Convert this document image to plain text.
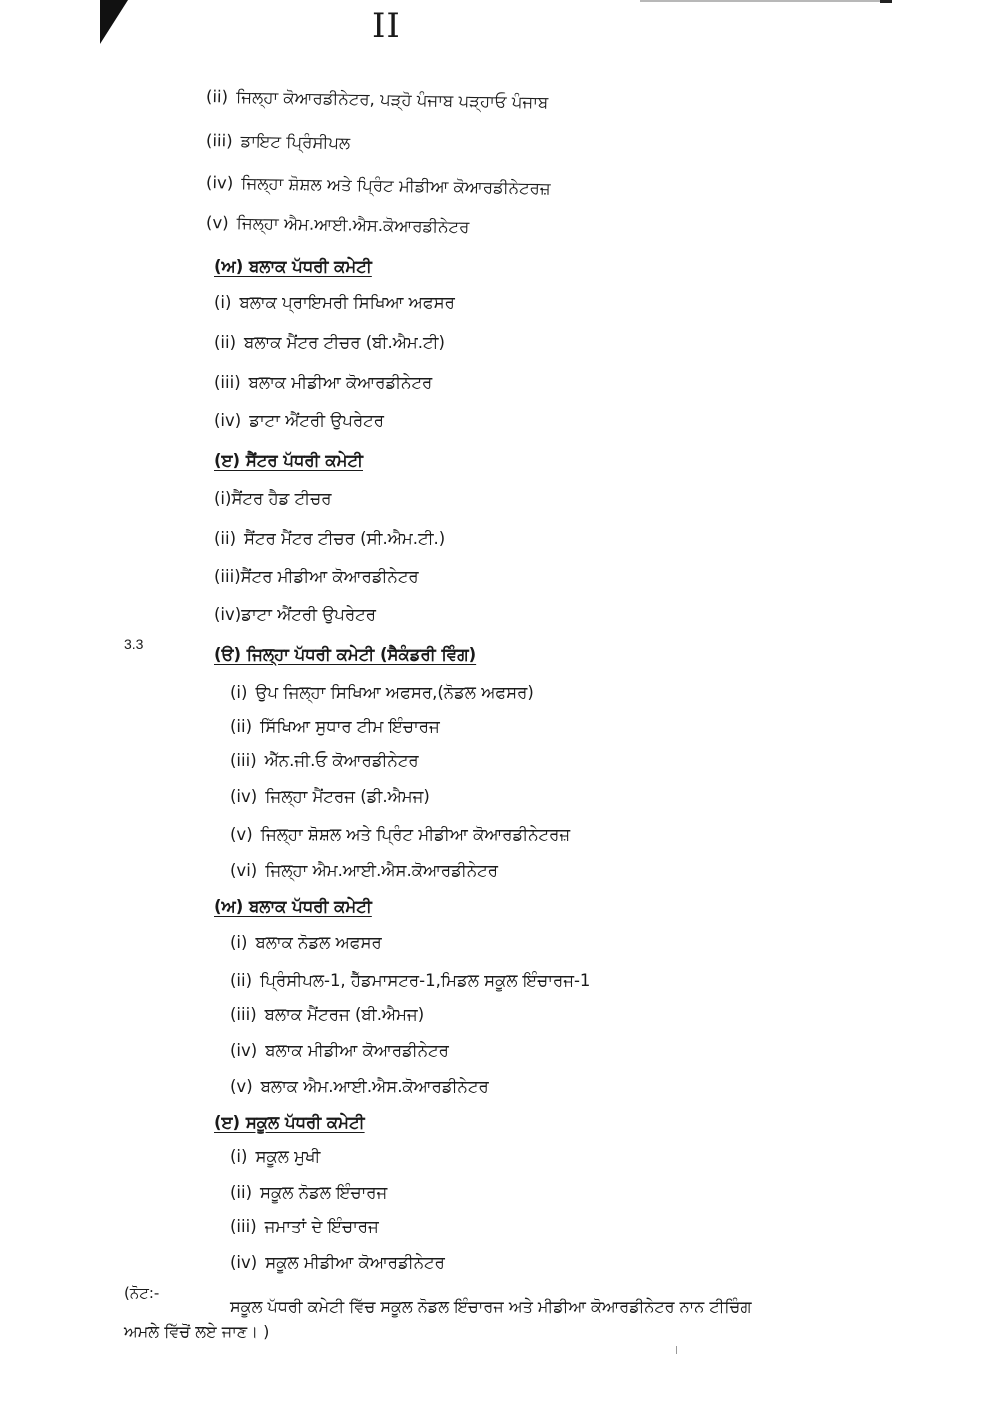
II
(ii) ਜਿਲ੍ਹਾ ਕੋਆਰਡੀਨੇਟਰ, ਪੜ੍ਹੋ ਪੰਜਾਬ ਪੜ੍ਹਾਓ ਪੰਜਾਬ
(iii) ਡਾਇਟ ਪ੍ਰਿੰਸੀਪਲ
(iv) ਜਿਲ੍ਹਾ ਸ਼ੋਸ਼ਲ ਅਤੇ ਪ੍ਰਿੰਟ ਮੀਡੀਆ ਕੋਆਰਡੀਨੇਟਰਜ਼
(v) ਜਿਲ੍ਹਾ ਐਮ.ਆਈ.ਐਸ.ਕੋਆਰਡੀਨੇਟਰ
(ਅ) ਬਲਾਕ ਪੱਧਰੀ ਕਮੇਟੀ
(i) ਬਲਾਕ ਪ੍ਰਾਇਮਰੀ ਸਿਖਿਆ ਅਫਸਰ
(ii) ਬਲਾਕ ਮੈਂਟਰ ਟੀਚਰ (ਬੀ.ਐਮ.ਟੀ)
(iii) ਬਲਾਕ ਮੀਡੀਆ ਕੋਆਰਡੀਨੇਟਰ
(iv) ਡਾਟਾ ਐਂਟਰੀ ਉਪਰੇਟਰ
(ੲ) ਸੈਂਟਰ ਪੱਧਰੀ ਕਮੇਟੀ
(i)ਸੈਂਟਰ ਹੈਡ ਟੀਚਰ
(ii) ਸੈਂਟਰ ਮੈਂਟਰ ਟੀਚਰ (ਸੀ.ਐਮ.ਟੀ.)
(iii)ਸੈਂਟਰ ਮੀਡੀਆ ਕੋਆਰਡੀਨੇਟਰ
(iv)ਡਾਟਾ ਐਂਟਰੀ ਉਪਰੇਟਰ
3.3
(ੳ) ਜਿਲ੍ਹਾ ਪੱਧਰੀ ਕਮੇਟੀ (ਸੈਕੰਡਰੀ ਵਿੰਗ)
(i) ਉਪ ਜਿਲ੍ਹਾ ਸਿਖਿਆ ਅਫਸਰ,(ਨੋਡਲ ਅਫਸਰ)
(ii) ਸਿੱਖਿਆ ਸੁਧਾਰ ਟੀਮ ਇੰਚਾਰਜ
(iii) ਐੱਨ.ਜੀ.ਓ ਕੋਆਰਡੀਨੇਟਰ
(iv) ਜਿਲ੍ਹਾ ਮੈਂਟਰਜ (ਡੀ.ਐਮਜ)
(v) ਜਿਲ੍ਹਾ ਸ਼ੋਸ਼ਲ ਅਤੇ ਪ੍ਰਿੰਟ ਮੀਡੀਆ ਕੋਆਰਡੀਨੇਟਰਜ਼
(vi) ਜਿਲ੍ਹਾ ਐਮ.ਆਈ.ਐਸ.ਕੋਆਰਡੀਨੇਟਰ
(ਅ) ਬਲਾਕ ਪੱਧਰੀ ਕਮੇਟੀ
(i) ਬਲਾਕ ਨੋਡਲ ਅਫਸਰ
(ii) ਪ੍ਰਿੰਸੀਪਲ-1, ਹੈੱਡਮਾਸਟਰ-1,ਮਿਡਲ ਸਕੂਲ ਇੰਚਾਰਜ-1
(iii) ਬਲਾਕ ਮੈਂਟਰਜ (ਬੀ.ਐਮਜ)
(iv) ਬਲਾਕ ਮੀਡੀਆ ਕੋਆਰਡੀਨੇਟਰ
(v) ਬਲਾਕ ਐਮ.ਆਈ.ਐਸ.ਕੋਆਰਡੀਨੇਟਰ
(ੲ) ਸਕੂਲ ਪੱਧਰੀ ਕਮੇਟੀ
(i) ਸਕੂਲ ਮੁਖੀ
(ii) ਸਕੂਲ ਨੋਡਲ ਇੰਚਾਰਜ
(iii) ਜਮਾਤਾਂ ਦੇ ਇੰਚਾਰਜ
(iv) ਸਕੂਲ ਮੀਡੀਆ ਕੋਆਰਡੀਨੇਟਰ
(ਨੋਟ:-
ਸਕੂਲ ਪੱਧਰੀ ਕਮੇਟੀ ਵਿੱਚ ਸਕੂਲ ਨੋਡਲ ਇੰਚਾਰਜ ਅਤੇ ਮੀਡੀਆ ਕੋਆਰਡੀਨੇਟਰ ਨਾਨ ਟੀਚਿੰਗ
ਅਮਲੇ ਵਿੱਚੋਂ ਲਏ ਜਾਣ। )
